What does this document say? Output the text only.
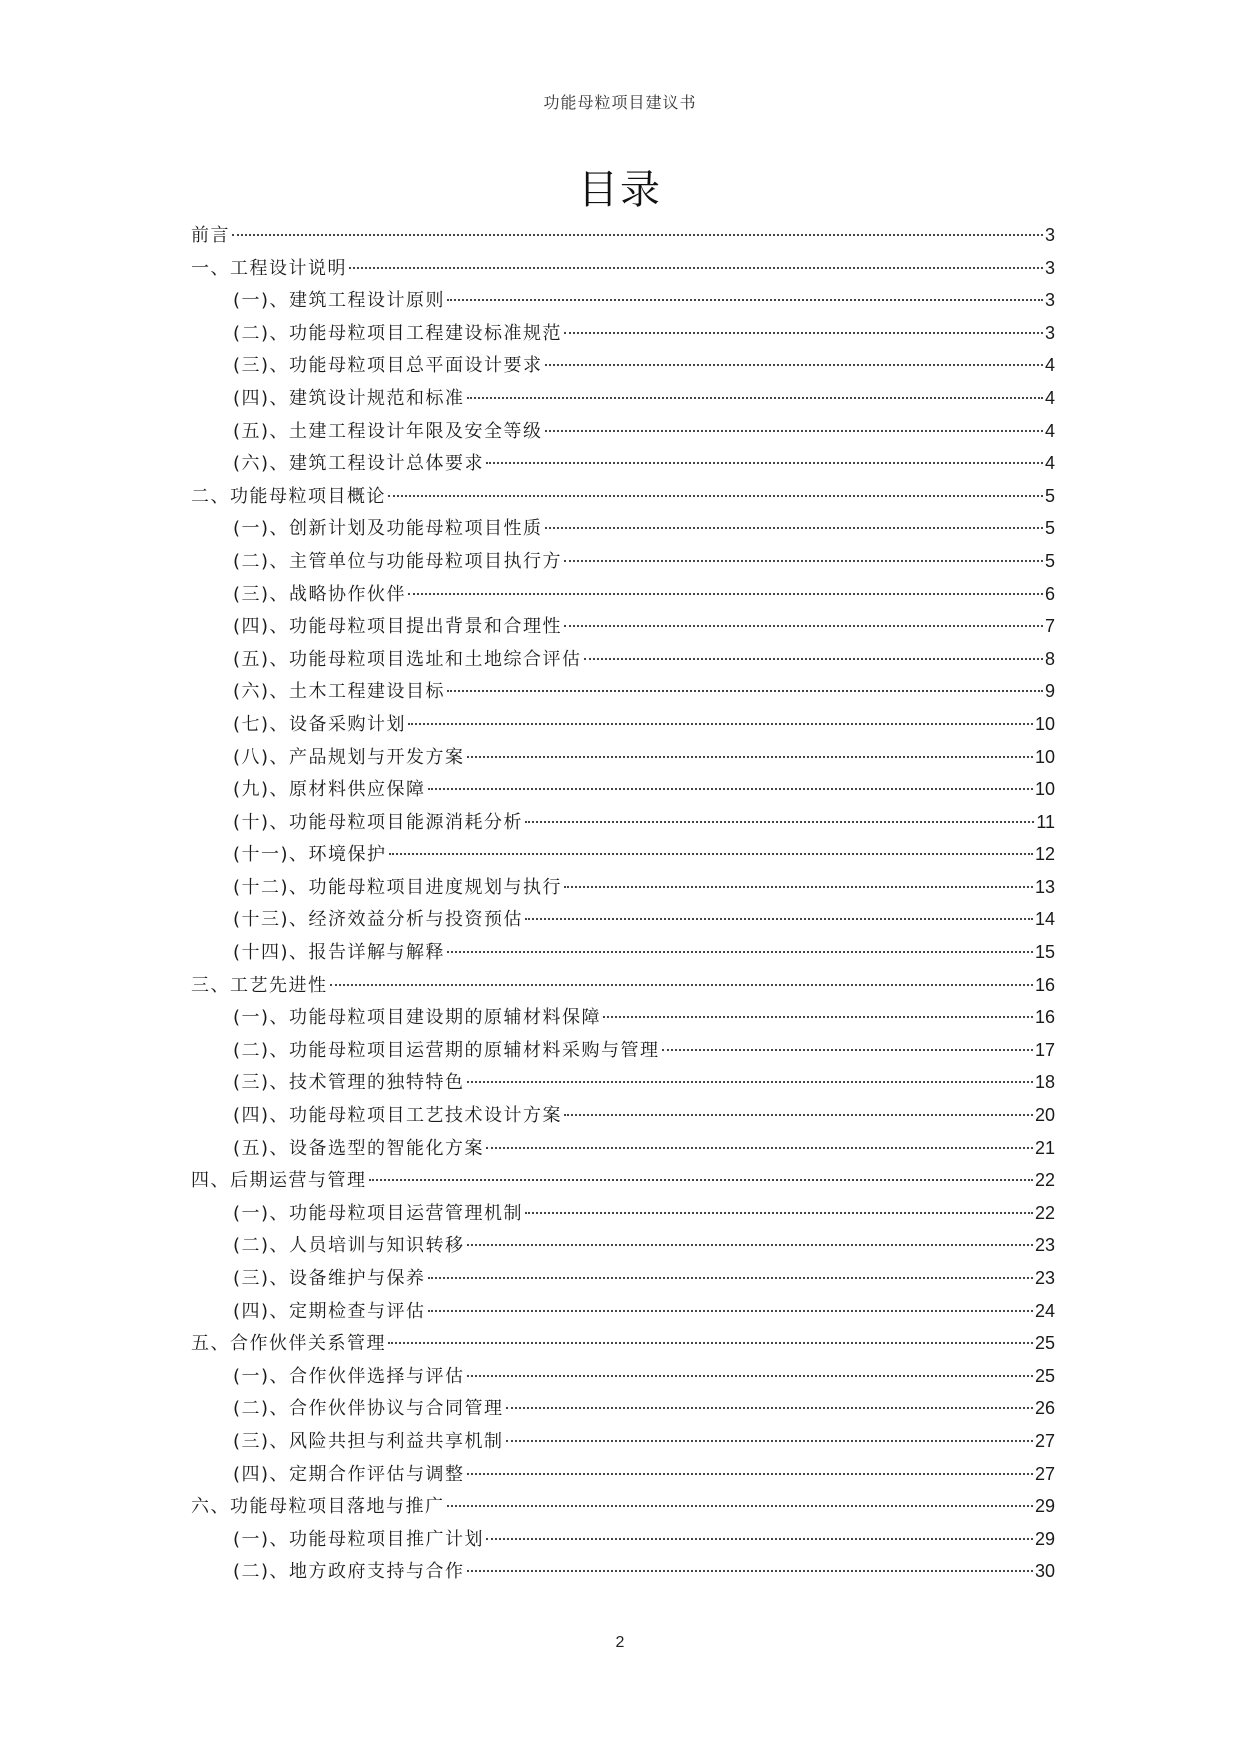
功能母粒项目建议书
目录
前言	3
一、工程设计说明	3
(一)、建筑工程设计原则	3
(二)、功能母粒项目工程建设标准规范	3
(三)、功能母粒项目总平面设计要求	4
(四)、建筑设计规范和标准	4
(五)、土建工程设计年限及安全等级	4
(六)、建筑工程设计总体要求	4
二、功能母粒项目概论	5
(一)、创新计划及功能母粒项目性质	5
(二)、主管单位与功能母粒项目执行方	5
(三)、战略协作伙伴	6
(四)、功能母粒项目提出背景和合理性	7
(五)、功能母粒项目选址和土地综合评估	8
(六)、土木工程建设目标	9
(七)、设备采购计划	10
(八)、产品规划与开发方案	10
(九)、原材料供应保障	10
(十)、功能母粒项目能源消耗分析	11
(十一)、环境保护	12
(十二)、功能母粒项目进度规划与执行	13
(十三)、经济效益分析与投资预估	14
(十四)、报告详解与解释	15
三、工艺先进性	16
(一)、功能母粒项目建设期的原辅材料保障	16
(二)、功能母粒项目运营期的原辅材料采购与管理	17
(三)、技术管理的独特特色	18
(四)、功能母粒项目工艺技术设计方案	20
(五)、设备选型的智能化方案	21
四、后期运营与管理	22
(一)、功能母粒项目运营管理机制	22
(二)、人员培训与知识转移	23
(三)、设备维护与保养	23
(四)、定期检查与评估	24
五、合作伙伴关系管理	25
(一)、合作伙伴选择与评估	25
(二)、合作伙伴协议与合同管理	26
(三)、风险共担与利益共享机制	27
(四)、定期合作评估与调整	27
六、功能母粒项目落地与推广	29
(一)、功能母粒项目推广计划	29
(二)、地方政府支持与合作	30
2
